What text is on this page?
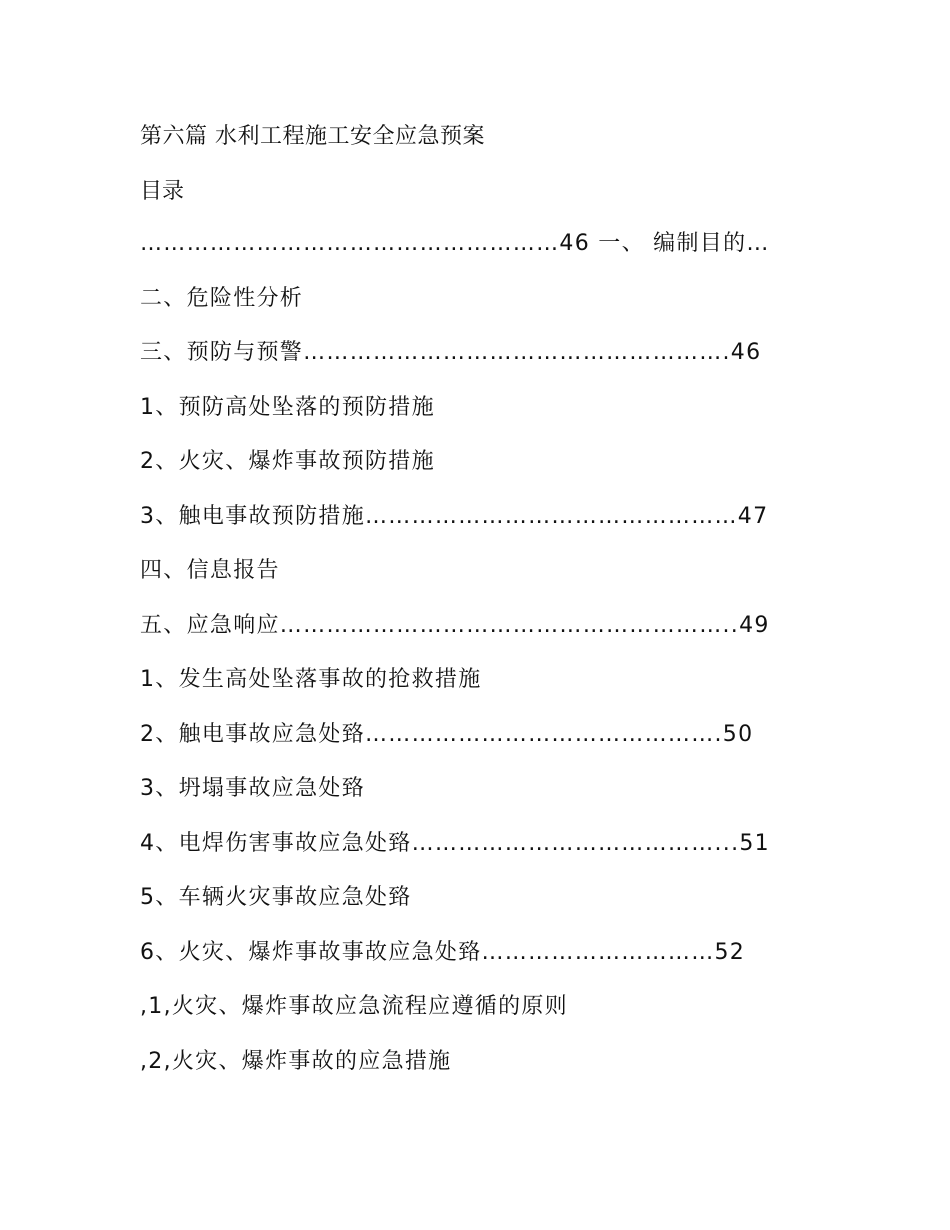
第六篇 水利工程施工安全应急预案
目录
………………………………………………46 一、 编制目的…
二、危险性分析
三、预防与预警……………………………………………….46
1、预防高处坠落的预防措施
2、火灾、爆炸事故预防措施
3、触电事故预防措施…………………………………………47
四、信息报告
五、应急响应…………………………………………………..49
1、发生高处坠落事故的抢救措施
2、触电事故应急处臵……………………………………….50
3、坍塌事故应急处臵
4、电焊伤害事故应急处臵…………………………………...51
5、车辆火灾事故应急处臵
6、火灾、爆炸事故事故应急处臵…………………………52
,1,火灾、爆炸事故应急流程应遵循的原则
,2,火灾、爆炸事故的应急措施
